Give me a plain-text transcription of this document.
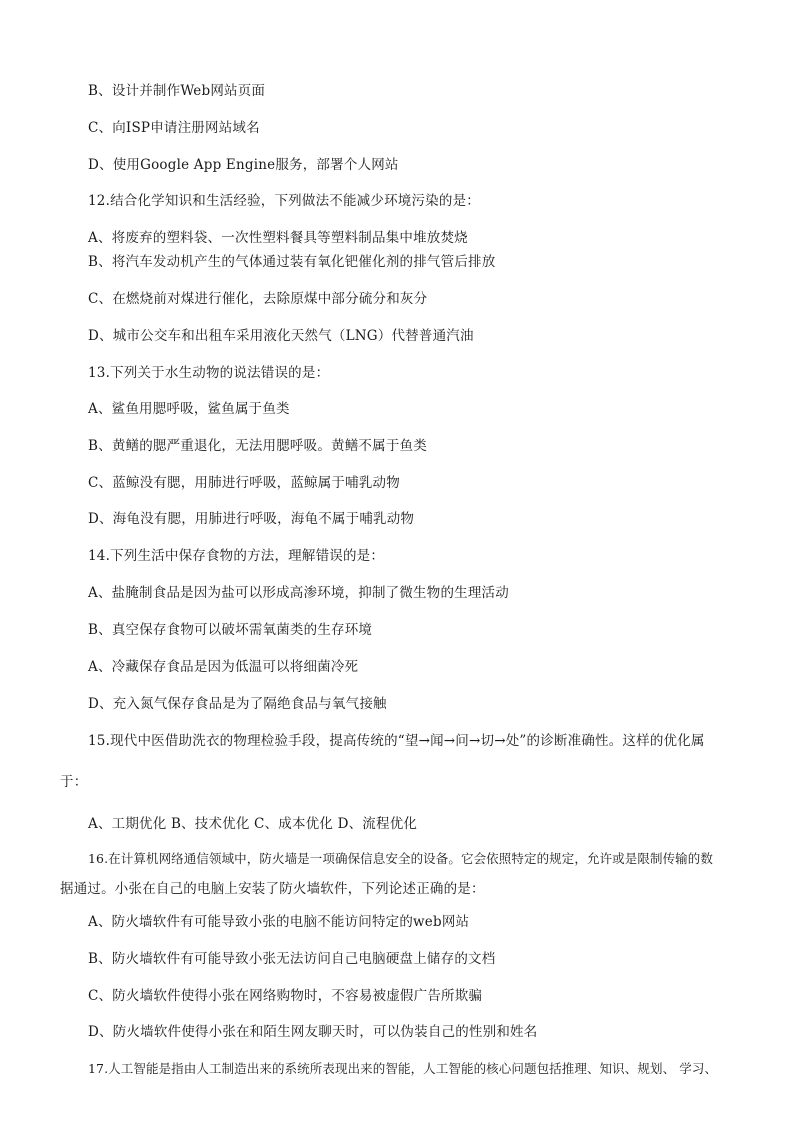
B、设计并制作Web网站页面
C、向ISP申请注册网站域名
D、使用Google App Engine服务，部署个人网站
12.结合化学知识和生活经验，下列做法不能减少环境污染的是：
A、将废弃的塑料袋、一次性塑料餐具等塑料制品集中堆放焚烧
B、将汽车发动机产生的气体通过装有氧化钯催化剂的排气管后排放
C、在燃烧前对煤进行催化，去除原煤中部分硫分和灰分
D、城市公交车和出租车采用液化天然气（LNG）代替普通汽油
13.下列关于水生动物的说法错误的是：
A、鲨鱼用腮呼吸，鲨鱼属于鱼类
B、黄鳝的腮严重退化，无法用腮呼吸。黄鳝不属于鱼类
C、蓝鲸没有腮，用肺进行呼吸，蓝鲸属于哺乳动物
D、海龟没有腮，用肺进行呼吸，海龟不属于哺乳动物
14.下列生活中保存食物的方法，理解错误的是：
A、盐腌制食品是因为盐可以形成高渗环境，抑制了微生物的生理活动
B、真空保存食物可以破坏需氧菌类的生存环境
A、冷藏保存食品是因为低温可以将细菌冷死
D、充入氮气保存食品是为了隔绝食品与氧气接触
15.现代中医借助洗衣的物理检验手段，提高传统的“望→闻→问→切→处”的诊断准确性。这样的优化属
于：
A、工期优化 B、技术优化 C、成本优化 D、流程优化
16.在计算机网络通信领域中，防火墙是一项确保信息安全的设备。它会依照特定的规定，允许或是限制传输的数
据通过。小张在自己的电脑上安装了防火墙软件，下列论述正确的是：
A、防火墙软件有可能导致小张的电脑不能访问特定的web网站
B、防火墙软件有可能导致小张无法访问自己电脑硬盘上储存的文档
C、防火墙软件使得小张在网络购物时，不容易被虚假广告所欺骗
D、防火墙软件使得小张在和陌生网友聊天时，可以伪装自己的性别和姓名
17.人工智能是指由人工制造出来的系统所表现出来的智能，人工智能的核心问题包括推理、知识、规划、 学习、
